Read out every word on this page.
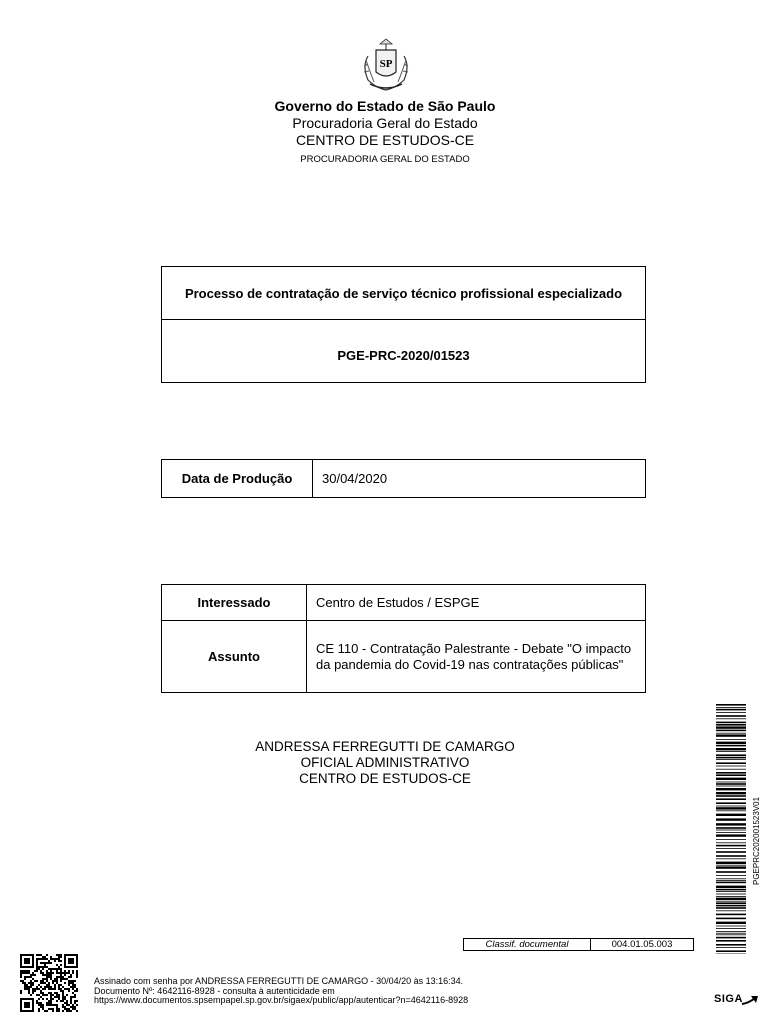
SP
Governo do Estado de São Paulo
Procuradoria Geral do Estado
CENTRO DE ESTUDOS-CE
PROCURADORIA GERAL DO ESTADO
Processo de contratação de serviço técnico profissional especializado
PGE-PRC-2020/01523
Data de Produção	30/04/2020
Interessado	Centro de Estudos / ESPGE
Assunto	CE 110 - Contratação Palestrante - Debate "O impacto da pandemia do Covid-19 nas contratações públicas"
ANDRESSA FERREGUTTI DE CAMARGO
OFICIAL ADMINISTRATIVO
CENTRO DE ESTUDOS-CE
PGEPRC202001523V01
Classif. documental	004.01.05.003
Assinado com senha por ANDRESSA FERREGUTTI DE CAMARGO - 30/04/20 às 13:16:34.
Documento Nº: 4642116-8928 - consulta à autenticidade em
https://www.documentos.spsempapel.sp.gov.br/sigaex/public/app/autenticar?n=4642116-8928	SIGA
